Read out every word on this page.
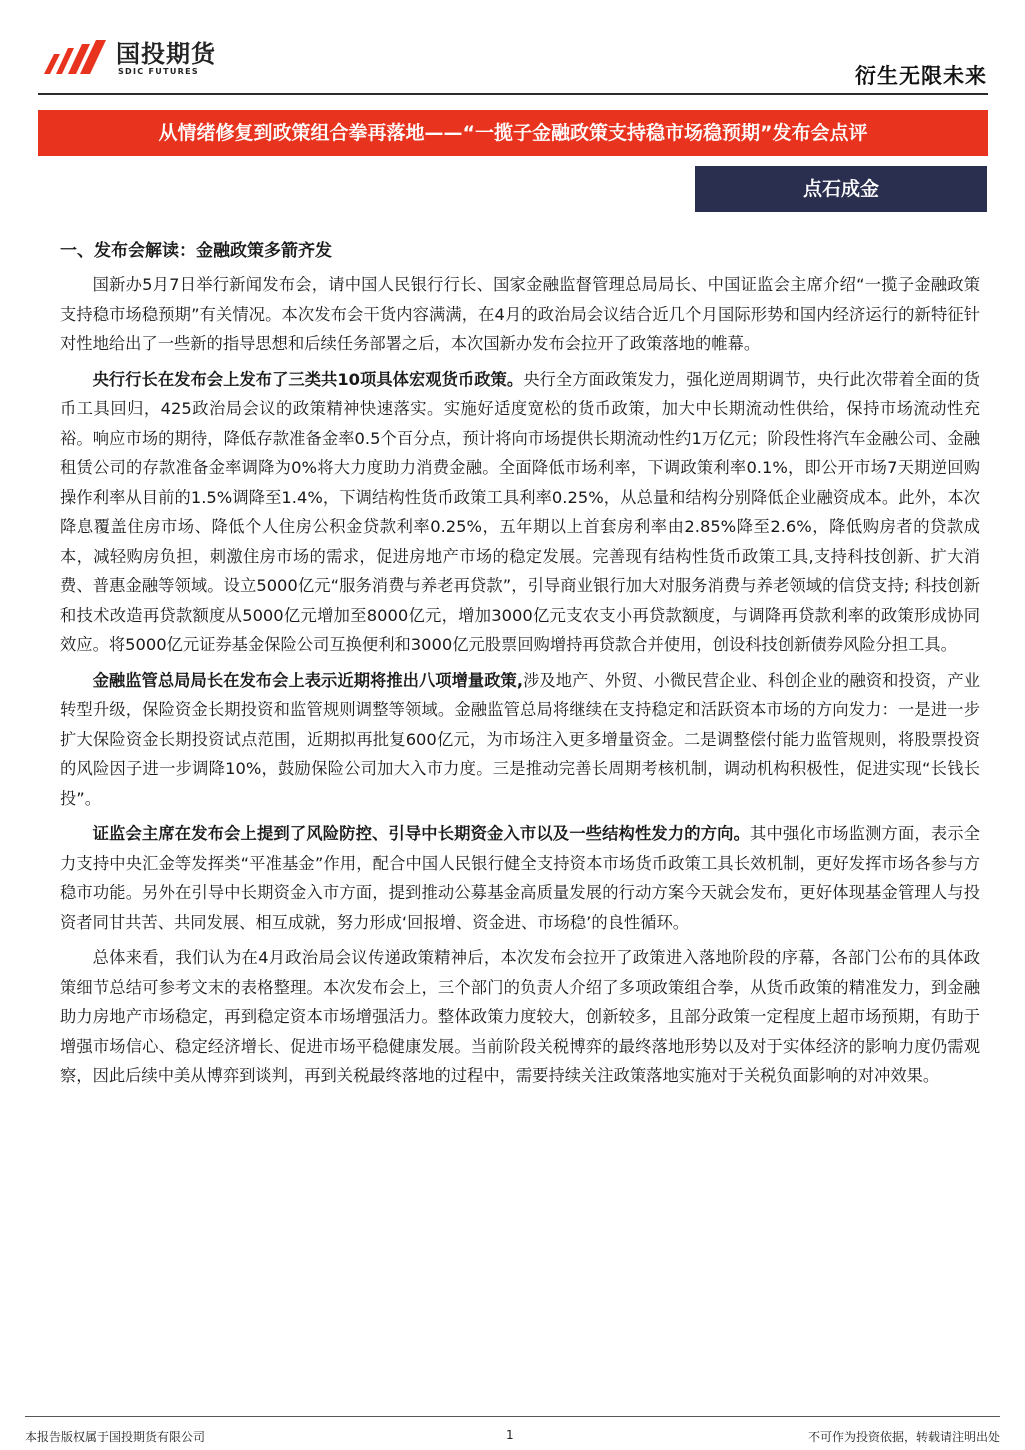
国投期货
SDIC FUTURES	衍生无限未来
从情绪修复到政策组合拳再落地——“一揽子金融政策支持稳市场稳预期”发布会点评
点石成金
一、发布会解读：金融政策多箭齐发

国新办5月7日举行新闻发布会，请中国人民银行行长、国家金融监督管理总局局长、中国证监会主席介绍“一揽子金融政策支持稳市场稳预期”有关情况。本次发布会干货内容满满，在4月的政治局会议结合近几个月国际形势和国内经济运行的新特征针对性地给出了一些新的指导思想和后续任务部署之后，本次国新办发布会拉开了政策落地的帷幕。

央行行长在发布会上发布了三类共10项具体宏观货币政策。央行全方面政策发力，强化逆周期调节，央行此次带着全面的货币工具回归，425政治局会议的政策精神快速落实。实施好适度宽松的货币政策，加大中长期流动性供给，保持市场流动性充裕。响应市场的期待，降低存款准备金率0.5个百分点，预计将向市场提供长期流动性约1万亿元；阶段性将汽车金融公司、金融租赁公司的存款准备金率调降为0%将大力度助力消费金融。全面降低市场利率，下调政策利率0.1%，即公开市场7天期逆回购操作利率从目前的1.5%调降至1.4%，下调结构性货币政策工具利率0.25%，从总量和结构分别降低企业融资成本。此外，本次降息覆盖住房市场、降低个人住房公积金贷款利率0.25%，五年期以上首套房利率由2.85%降至2.6%，降低购房者的贷款成本，减轻购房负担，刺激住房市场的需求，促进房地产市场的稳定发展。完善现有结构性货币政策工具,支持科技创新、扩大消费、普惠金融等领域。设立5000亿元“服务消费与养老再贷款”，引导商业银行加大对服务消费与养老领域的信贷支持; 科技创新和技术改造再贷款额度从5000亿元增加至8000亿元，增加3000亿元支农支小再贷款额度，与调降再贷款利率的政策形成协同效应。将5000亿元证券基金保险公司互换便利和3000亿元股票回购增持再贷款合并使用，创设科技创新债券风险分担工具。

金融监管总局局长在发布会上表示近期将推出八项增量政策,涉及地产、外贸、小微民营企业、科创企业的融资和投资，产业转型升级，保险资金长期投资和监管规则调整等领域。金融监管总局将继续在支持稳定和活跃资本市场的方向发力：一是进一步扩大保险资金长期投资试点范围，近期拟再批复600亿元，为市场注入更多增量资金。二是调整偿付能力监管规则，将股票投资的风险因子进一步调降10%，鼓励保险公司加大入市力度。三是推动完善长周期考核机制，调动机构积极性，促进实现“长钱长投”。

证监会主席在发布会上提到了风险防控、引导中长期资金入市以及一些结构性发力的方向。其中强化市场监测方面，表示全力支持中央汇金等发挥类“平准基金”作用，配合中国人民银行健全支持资本市场货币政策工具长效机制，更好发挥市场各参与方稳市功能。另外在引导中长期资金入市方面，提到推动公募基金高质量发展的行动方案今天就会发布，更好体现基金管理人与投资者同甘共苦、共同发展、相互成就，努力形成‘回报增、资金进、市场稳’的良性循环。

总体来看，我们认为在4月政治局会议传递政策精神后，本次发布会拉开了政策进入落地阶段的序幕，各部门公布的具体政策细节总结可参考文末的表格整理。本次发布会上，三个部门的负责人介绍了多项政策组合拳，从货币政策的精准发力，到金融助力房地产市场稳定，再到稳定资本市场增强活力。整体政策力度较大，创新较多，且部分政策一定程度上超市场预期，有助于增强市场信心、稳定经济增长、促进市场平稳健康发展。当前阶段关税博弈的最终落地形势以及对于实体经济的影响力度仍需观察，因此后续中美从博弈到谈判，再到关税最终落地的过程中，需要持续关注政策落地实施对于关税负面影响的对冲效果。

本报告版权属于国投期货有限公司	1	不可作为投资依据，转载请注明出处
